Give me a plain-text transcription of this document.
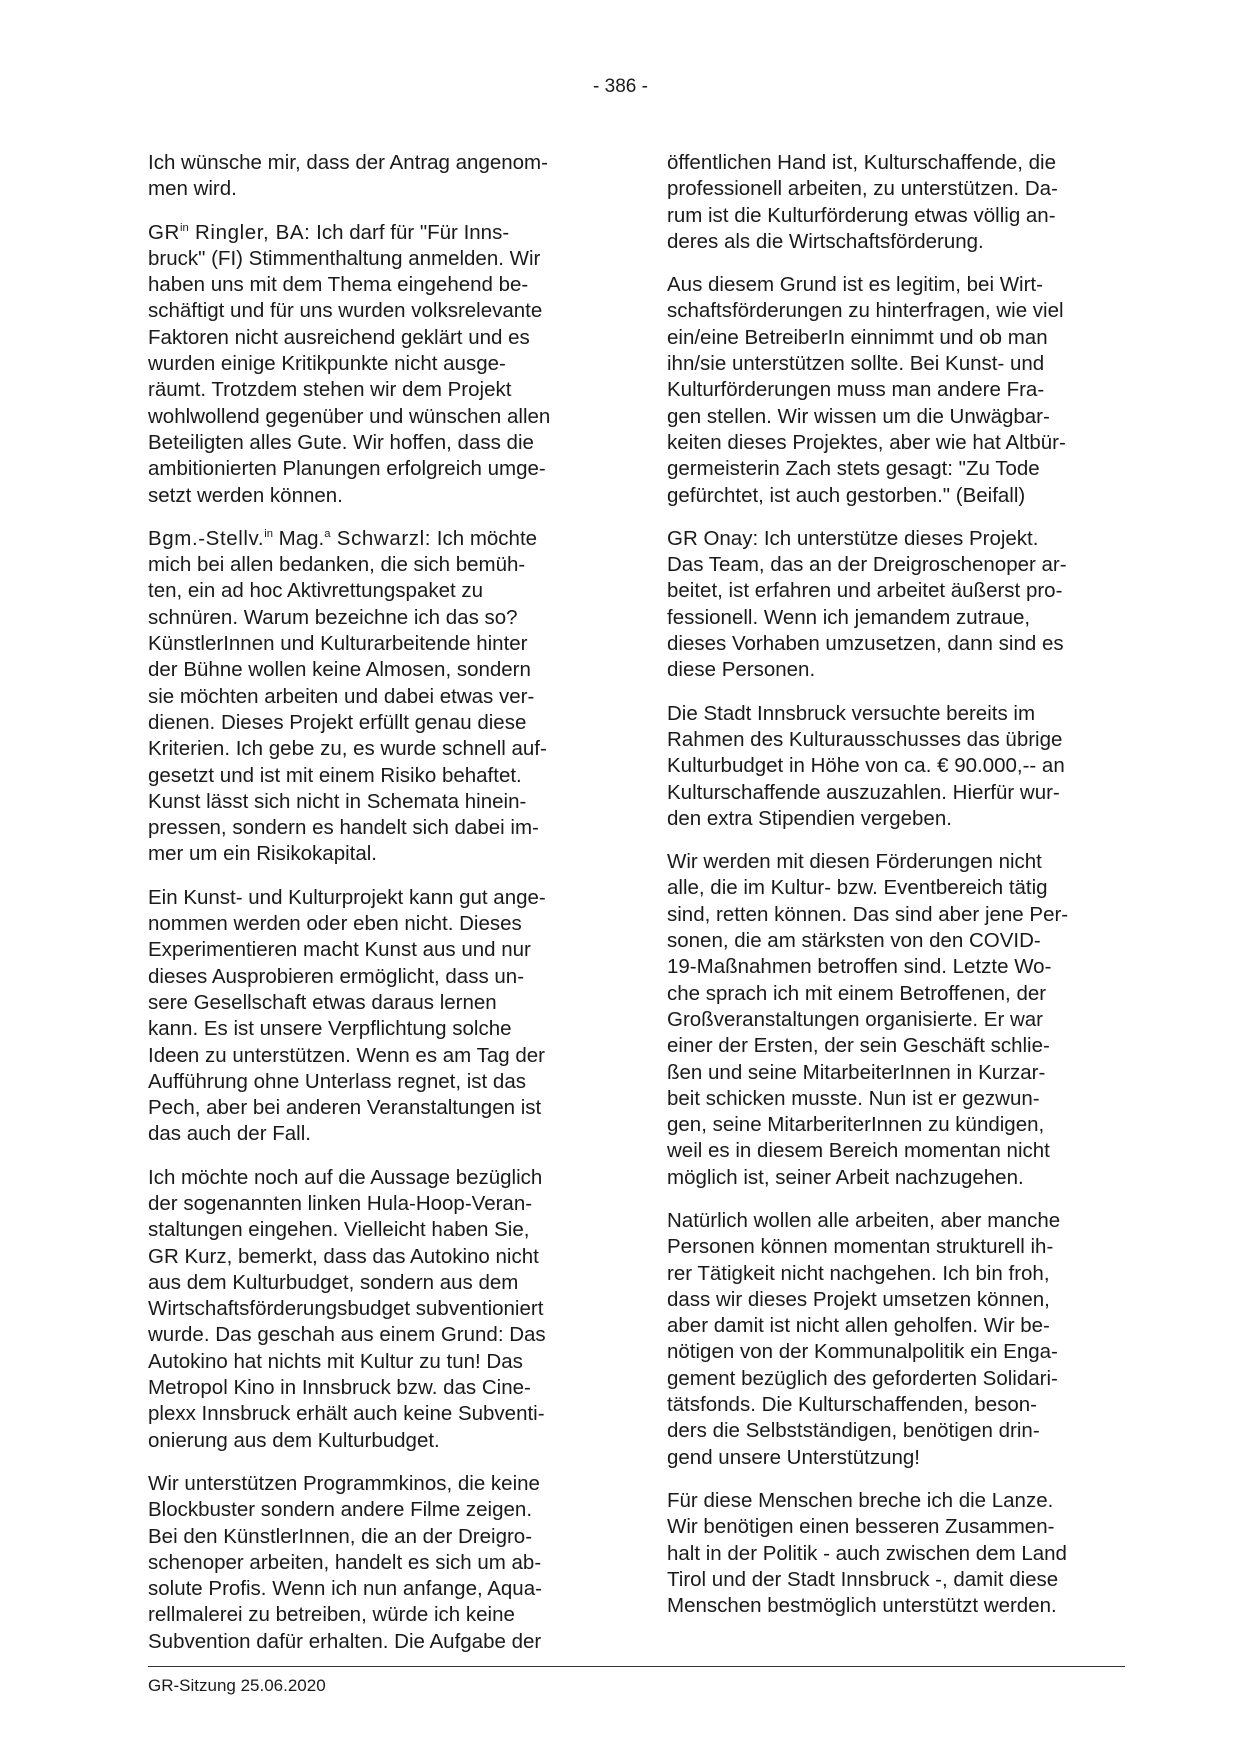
- 386 -

Ich wünsche mir, dass der Antrag angenom-
men wird.

$GR^{in}$ Ringler, BA: Ich darf für "Für Inns-
bruck" (FI) Stimmenthaltung anmelden. Wir
haben uns mit dem Thema eingehend be-
schäftigt und für uns wurden volksrelevante
Faktoren nicht ausreichend geklärt und es
wurden einige Kritikpunkte nicht ausge-
räumt. Trotzdem stehen wir dem Projekt
wohlwollend gegenüber und wünschen allen
Beteiligten alles Gute. Wir hoffen, dass die
ambitionierten Planungen erfolgreich umge-
setzt werden können.

Bgm.-Stellv.$^{in}$ Mag.$^a$ Schwarzl: Ich möchte
mich bei allen bedanken, die sich bemüh-
ten, ein ad hoc Aktivrettungspaket zu
schnüren. Warum bezeichne ich das so?
KünstlerInnen und Kulturarbeitende hinter
der Bühne wollen keine Almosen, sondern
sie möchten arbeiten und dabei etwas ver-
dienen. Dieses Projekt erfüllt genau diese
Kriterien. Ich gebe zu, es wurde schnell auf-
gesetzt und ist mit einem Risiko behaftet.
Kunst lässt sich nicht in Schemata hinein-
pressen, sondern es handelt sich dabei im-
mer um ein Risikokapital.

Ein Kunst- und Kulturprojekt kann gut ange-
nommen werden oder eben nicht. Dieses
Experimentieren macht Kunst aus und nur
dieses Ausprobieren ermöglicht, dass un-
sere Gesellschaft etwas daraus lernen
kann. Es ist unsere Verpflichtung solche
Ideen zu unterstützen. Wenn es am Tag der
Aufführung ohne Unterlass regnet, ist das
Pech, aber bei anderen Veranstaltungen ist
das auch der Fall.

Ich möchte noch auf die Aussage bezüglich
der sogenannten linken Hula-Hoop-Veran-
staltungen eingehen. Vielleicht haben Sie,
GR Kurz, bemerkt, dass das Autokino nicht
aus dem Kulturbudget, sondern aus dem
Wirtschaftsförderungsbudget subventioniert
wurde. Das geschah aus einem Grund: Das
Autokino hat nichts mit Kultur zu tun! Das
Metropol Kino in Innsbruck bzw. das Cine-
plexx Innsbruck erhält auch keine Subventi-
onierung aus dem Kulturbudget.

Wir unterstützen Programmkinos, die keine
Blockbuster sondern andere Filme zeigen.
Bei den KünstlerInnen, die an der Dreigro-
schenoper arbeiten, handelt es sich um ab-
solute Profis. Wenn ich nun anfange, Aqua-
rellmalerei zu betreiben, würde ich keine
Subvention dafür erhalten. Die Aufgabe der

öffentlichen Hand ist, Kulturschaffende, die
professionell arbeiten, zu unterstützen. Da-
rum ist die Kulturförderung etwas völlig an-
deres als die Wirtschaftsförderung.

Aus diesem Grund ist es legitim, bei Wirt-
schaftsförderungen zu hinterfragen, wie viel
ein/eine BetreiberIn einnimmt und ob man
ihn/sie unterstützen sollte. Bei Kunst- und
Kulturförderungen muss man andere Fra-
gen stellen. Wir wissen um die Unwägbar-
keiten dieses Projektes, aber wie hat Altbür-
germeisterin Zach stets gesagt: "Zu Tode
gefürchtet, ist auch gestorben." (Beifall)

GR Onay: Ich unterstütze dieses Projekt.
Das Team, das an der Dreigroschenoper ar-
beitet, ist erfahren und arbeitet äußerst pro-
fessionell. Wenn ich jemandem zutraue,
dieses Vorhaben umzusetzen, dann sind es
diese Personen.

Die Stadt Innsbruck versuchte bereits im
Rahmen des Kulturausschusses das übrige
Kulturbudget in Höhe von ca. € 90.000,-- an
Kulturschaffende auszuzahlen. Hierfür wur-
den extra Stipendien vergeben.

Wir werden mit diesen Förderungen nicht
alle, die im Kultur- bzw. Eventbereich tätig
sind, retten können. Das sind aber jene Per-
sonen, die am stärksten von den COVID-
19-Maßnahmen betroffen sind. Letzte Wo-
che sprach ich mit einem Betroffenen, der
Großveranstaltungen organisierte. Er war
einer der Ersten, der sein Geschäft schlie-
ßen und seine MitarbeiterInnen in Kurzar-
beit schicken musste. Nun ist er gezwun-
gen, seine MitarberiterInnen zu kündigen,
weil es in diesem Bereich momentan nicht
möglich ist, seiner Arbeit nachzugehen.

Natürlich wollen alle arbeiten, aber manche
Personen können momentan strukturell ih-
rer Tätigkeit nicht nachgehen. Ich bin froh,
dass wir dieses Projekt umsetzen können,
aber damit ist nicht allen geholfen. Wir be-
nötigen von der Kommunalpolitik ein Enga-
gement bezüglich des geforderten Solidari-
tätsfonds. Die Kulturschaffenden, beson-
ders die Selbstständigen, benötigen drin-
gend unsere Unterstützung!

Für diese Menschen breche ich die Lanze.
Wir benötigen einen besseren Zusammen-
halt in der Politik - auch zwischen dem Land
Tirol und der Stadt Innsbruck -, damit diese
Menschen bestmöglich unterstützt werden.

GR-Sitzung 25.06.2020
